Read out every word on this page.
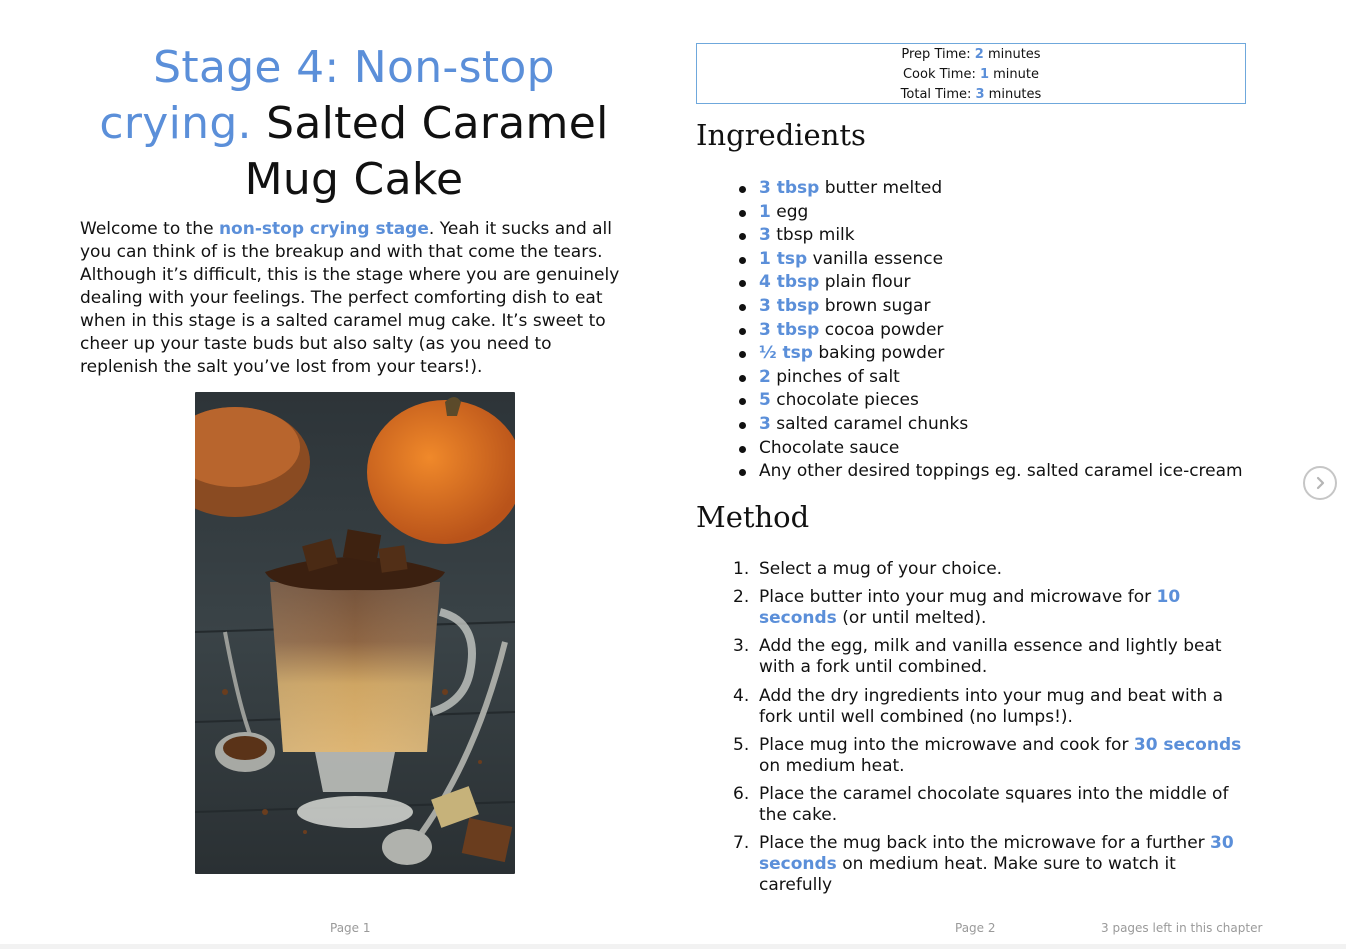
Stage 4: Non-stop crying. Salted Caramel Mug Cake

Welcome to the non-stop crying stage. Yeah it sucks and all you can think of is the breakup and with that come the tears. Although it’s difficult, this is the stage where you are genuinely dealing with your feelings. The perfect comforting dish to eat when in this stage is a salted caramel mug cake. It’s sweet to cheer up your taste buds but also salty (as you need to replenish the salt you’ve lost from your tears!).

Prep Time: 2 minutes
Cook Time: 1 minute
Total Time: 3 minutes
Ingredients
3 tbsp butter melted
1 egg
3 tbsp milk
1 tsp vanilla essence
4 tbsp plain flour
3 tbsp brown sugar
3 tbsp cocoa powder
½ tsp baking powder
2 pinches of salt
5 chocolate pieces
3 salted caramel chunks
Chocolate sauce
Any other desired toppings eg. salted caramel ice-cream
Method
1. Select a mug of your choice.
2. Place butter into your mug and microwave for 10 seconds (or until melted).
3. Add the egg, milk and vanilla essence and lightly beat with a fork until combined.
4. Add the dry ingredients into your mug and beat with a fork until well combined (no lumps!).
5. Place mug into the microwave and cook for 30 seconds on medium heat.
6. Place the caramel chocolate squares into the middle of the cake.
7. Place the mug back into the microwave for a further 30 seconds on medium heat. Make sure to watch it carefully
Page 1	Page 2	3 pages left in this chapter
